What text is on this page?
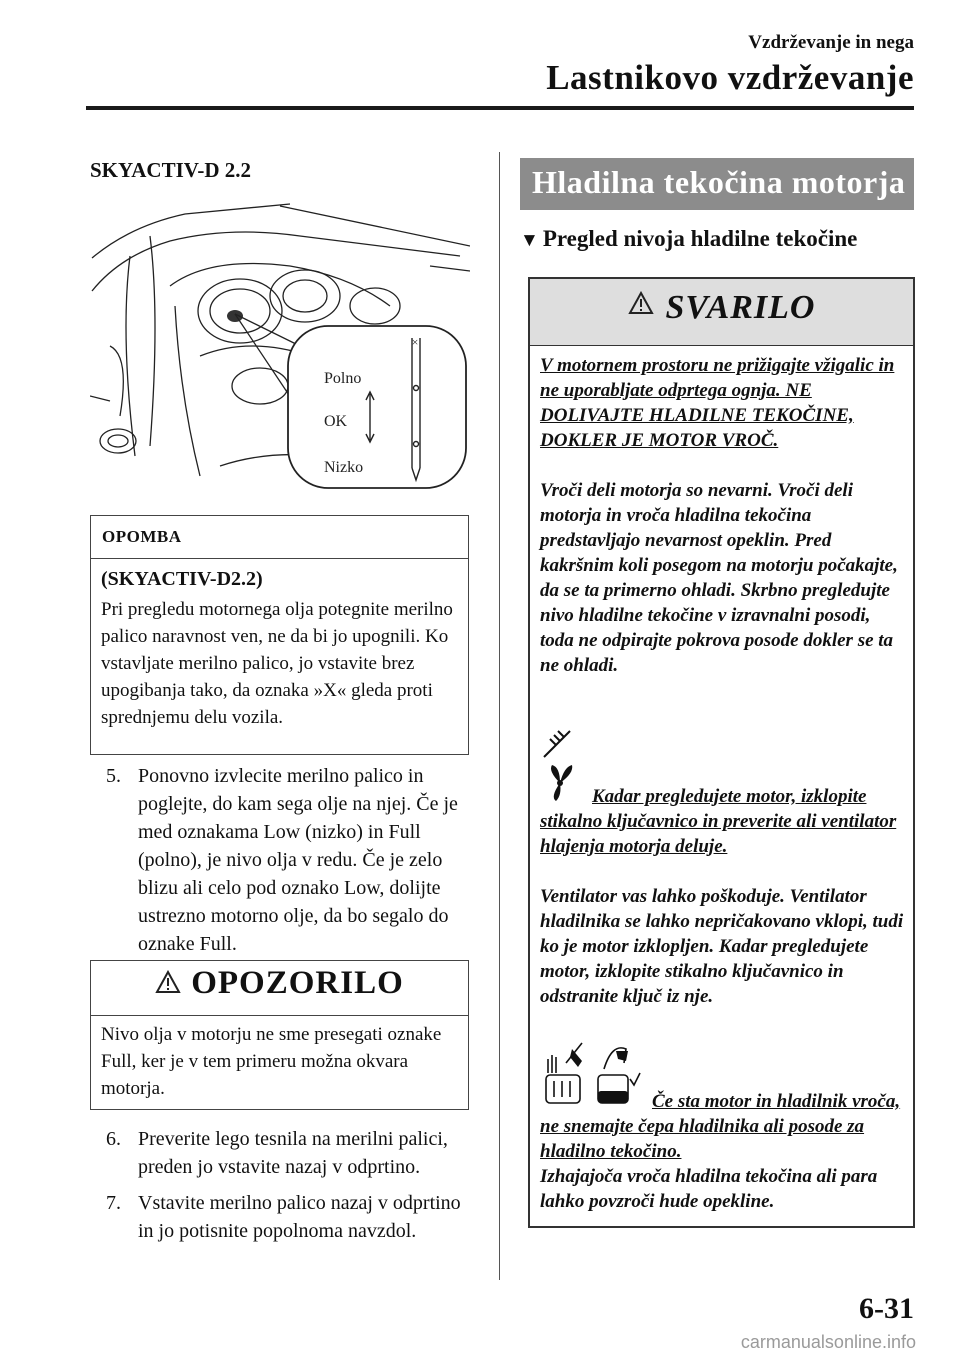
Vzdrževanje in nega
Lastnikovo vzdrževanje
SKYACTIV-D 2.2
×
Polno
OK
Nizko
OPOMBA
(SKYACTIV-D2.2)
Pri pregledu motornega olja potegnite merilno palico naravnost ven, ne da bi jo upognili. Ko vstavljate merilno palico, jo vstavite brez upogibanja tako, da oznaka »X« gleda proti sprednjemu delu vozila.
5. Ponovno izvlecite merilno palico in poglejte, do kam sega olje na njej. Če je med oznakama Low (nizko) in Full (polno), je nivo olja v redu. Če je zelo blizu ali celo pod oznako Low, dolijte ustrezno motorno olje, da bo segalo do oznake Full.
OPOZORILO
Nivo olja v motorju ne sme presegati oznake Full, ker je v tem primeru možna okvara motorja.
6. Preverite lego tesnila na merilni palici, preden jo vstavite nazaj v odprtino.
7. Vstavite merilno palico nazaj v odprtino in jo potisnite popolnoma navzdol.
Hladilna tekočina motorja
▼ Pregled nivoja hladilne tekočine
SVARILO
V motornem prostoru ne prižigajte vžigalic in ne uporabljate odprtega ognja. NE DOLIVAJTE HLADILNE TEKOČINE, DOKLER JE MOTOR VROČ.
Vroči deli motorja so nevarni. Vroči deli motorja in vroča hladilna tekočina predstavljajo nevarnost opeklin. Pred kakršnim koli posegom na motorju počakajte, da se ta primerno ohladi. Skrbno pregledujte nivo hladilne tekočine v izravnalni posodi, toda ne odpirajte pokrova posode dokler se ta ne ohladi.
Kadar pregledujete motor, izklopite stikalno ključavnico in preverite ali ventilator hlajenja motorja deluje.
Ventilator vas lahko poškoduje. Ventilator hladilnika se lahko nepričakovano vklopi, tudi ko je motor izklopljen. Kadar pregledujete motor, izklopite stikalno ključavnico in odstranite ključ iz nje.
Če sta motor in hladilnik vroča, ne snemajte čepa hladilnika ali posode za hladilno tekočino.
Izhajajoča vroča hladilna tekočina ali para lahko povzroči hude opekline.
6-31
carmanualsonline.info
